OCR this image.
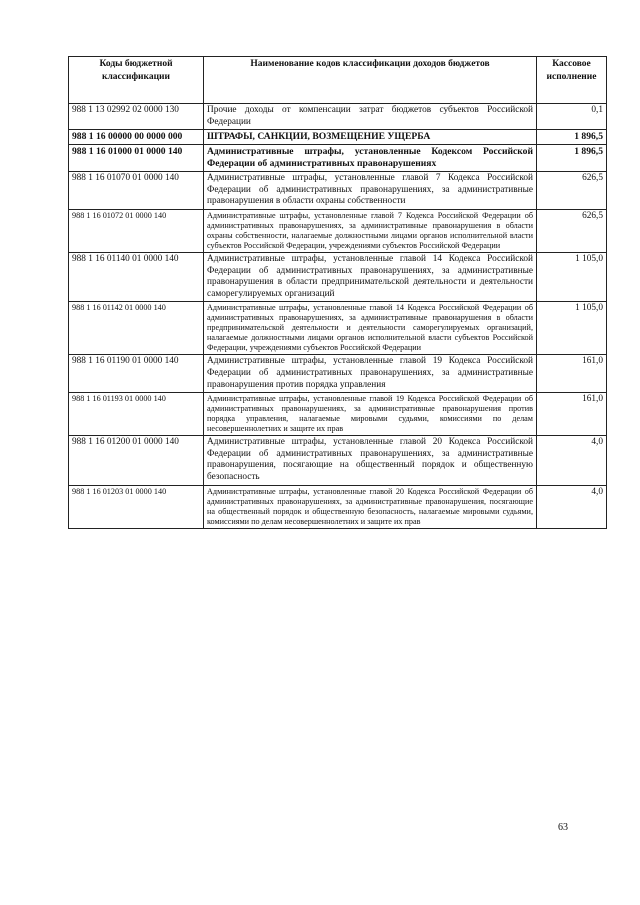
Коды бюджетной классификации	Наименование кодов классификации доходов бюджетов	Кассовое исполнение
988 1 13 02992 02 0000 130	Прочие доходы от компенсации затрат бюджетов субъектов Российской Федерации	0,1
988 1 16 00000 00 0000 000	ШТРАФЫ, САНКЦИИ, ВОЗМЕЩЕНИЕ УЩЕРБА	1 896,5
988 1 16 01000 01 0000 140	Административные штрафы, установленные Кодексом Российской Федерации об административных правонарушениях	1 896,5
988 1 16 01070 01 0000 140	Административные штрафы, установленные главой 7 Кодекса Российской Федерации об административных правонарушениях, за административные правонарушения в области охраны собственности	626,5
988 1 16 01072 01 0000 140	Административные штрафы, установленные главой 7 Кодекса Российской Федерации об административных правонарушениях, за административные правонарушения в области охраны собственности, налагаемые должностными лицами органов исполнительной власти субъектов Российской Федерации, учреждениями субъектов Российской Федерации	626,5
988 1 16 01140 01 0000 140	Административные штрафы, установленные главой 14 Кодекса Российской Федерации об административных правонарушениях, за административные правонарушения в области предпринимательской деятельности и деятельности саморегулируемых организаций	1 105,0
988 1 16 01142 01 0000 140	Административные штрафы, установленные главой 14 Кодекса Российской Федерации об административных правонарушениях, за административные правонарушения в области предпринимательской деятельности и деятельности саморегулируемых организаций, налагаемые должностными лицами органов исполнительной власти субъектов Российской Федерации, учреждениями субъектов Российской Федерации	1 105,0
988 1 16 01190 01 0000 140	Административные штрафы, установленные главой 19 Кодекса Российской Федерации об административных правонарушениях, за административные правонарушения против порядка управления	161,0
988 1 16 01193 01 0000 140	Административные штрафы, установленные главой 19 Кодекса Российской Федерации об административных правонарушениях, за административные правонарушения против порядка управления, налагаемые мировыми судьями, комиссиями по делам несовершеннолетних и защите их прав	161,0
988 1 16 01200 01 0000 140	Административные штрафы, установленные главой 20 Кодекса Российской Федерации об административных правонарушениях, за административные правонарушения, посягающие на общественный порядок и общественную безопасность	4,0
988 1 16 01203 01 0000 140	Административные штрафы, установленные главой 20 Кодекса Российской Федерации об административных правонарушениях, за административные правонарушения, посягающие на общественный порядок и общественную безопасность, налагаемые мировыми судьями, комиссиями по делам несовершеннолетних и защите их прав	4,0
63
